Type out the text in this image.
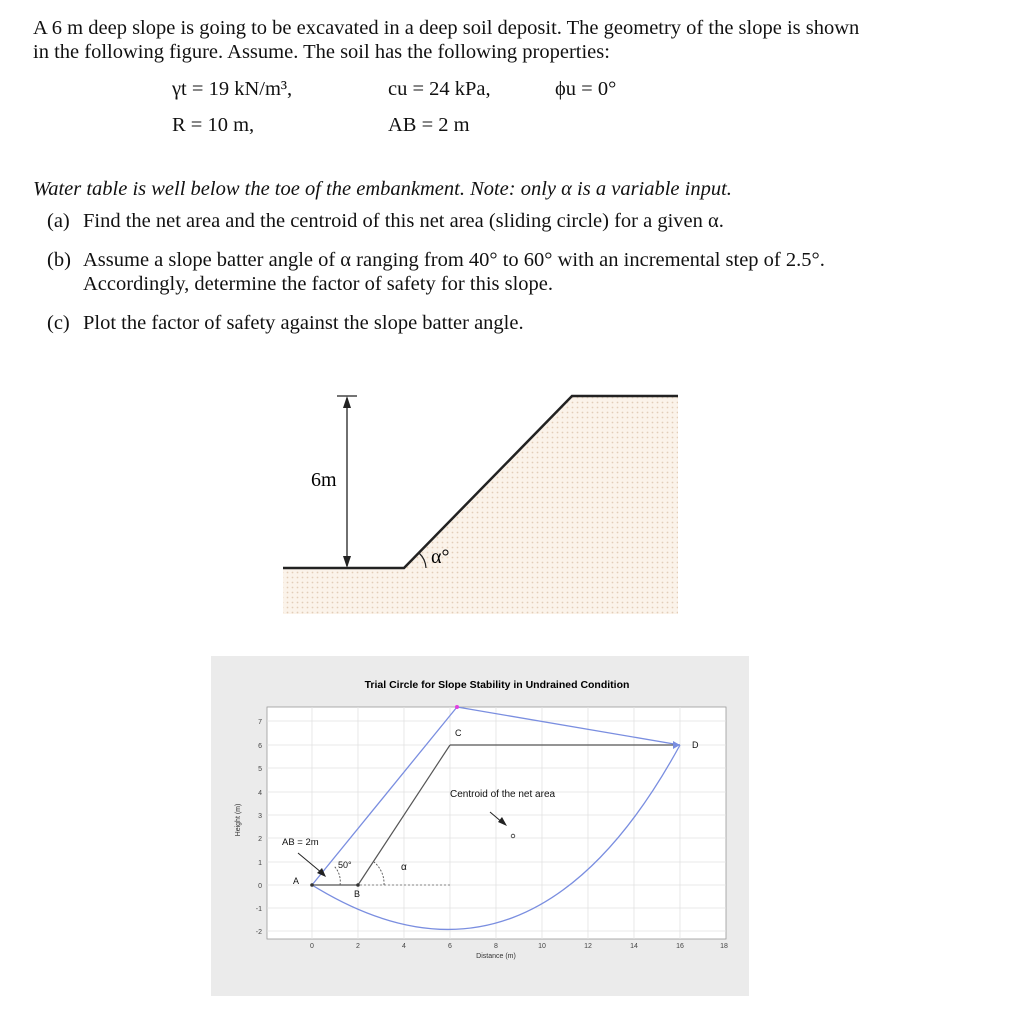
A 6 m deep slope is going to be excavated in a deep soil deposit. The geometry of the slope is shown
in the following figure. Assume. The soil has the following properties:
γt = 19 kN/m³,	cu = 24 kPa,	ϕu = 0°
R = 10 m,	AB = 2 m
Water table is well below the toe of the embankment. Note: only α is a variable input.
(a) Find the net area and the centroid of this net area (sliding circle) for a given α.
(b) Assume a slope batter angle of α ranging from 40° to 60° with an incremental step of 2.5°.
Accordingly, determine the factor of safety for this slope.
(c) Plot the factor of safety against the slope batter angle.
6m
α°
Trial Circle for Slope Stability in Undrained Condition
7
6
5
4
3
2
1
0
-1
-2
0	2	4	6	8	10	12	14	16	18
Distance (m)
Height (m)
A
B
C
D
AB = 2m
50°	α
Centroid of the net area
